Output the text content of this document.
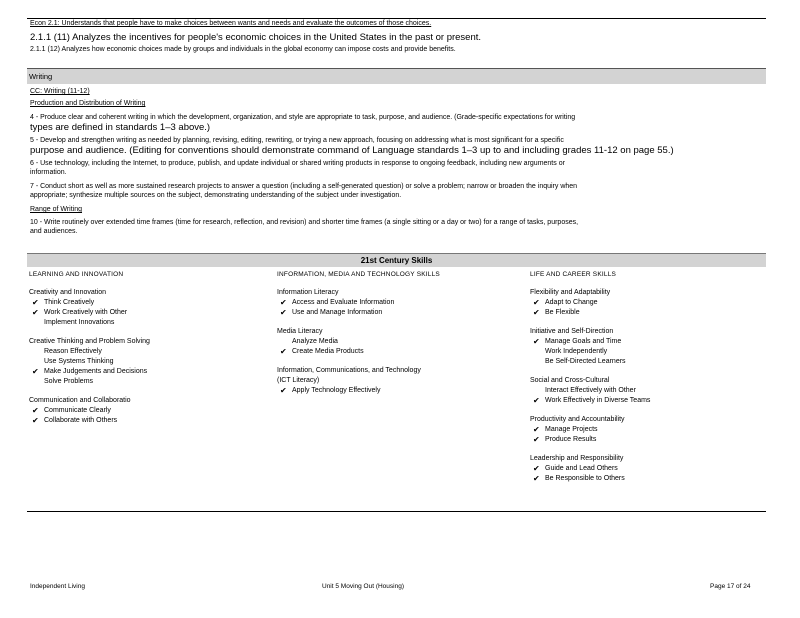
Econ 2.1: Understands that people have to make choices between wants and needs and evaluate the outcomes of those choices.
2.1.1 (11) Analyzes the incentives for people's economic choices in the United States in the past or present.
2.1.1 (12) Analyzes how economic choices made by groups and individuals in the global economy can impose costs and provide benefits.
Writing
CC: Writing (11-12)
Production and Distribution of Writing
4 - Produce clear and coherent writing in which the development, organization, and style are appropriate to task, purpose, and audience. (Grade-specific expectations for writing
types are defined in standards 1–3 above.)
5 - Develop and strengthen writing as needed by planning, revising, editing, rewriting, or trying a new approach, focusing on addressing what is most significant for a specific
purpose and audience. (Editing for conventions should demonstrate command of Language standards 1–3 up to and including grades 11-12 on page 55.)
6 - Use technology, including the Internet, to produce, publish, and update individual or shared writing products in response to ongoing feedback, including new arguments or
information.
7 - Conduct short as well as more sustained research projects to answer a question (including a self-generated question) or solve a problem; narrow or broaden the inquiry when
appropriate; synthesize multiple sources on the subject, demonstrating understanding of the subject under investigation.
Range of Writing
10 - Write routinely over extended time frames (time for research, reflection, and revision) and shorter time frames (a single sitting or a day or two) for a range of tasks, purposes,
and audiences.
21st Century Skills
LEARNING AND INNOVATION
Creativity and Innovation
✔ Think Creatively
✔ Work Creatively with Other
Implement Innovations
Creative Thinking and Problem Solving
Reason Effectively
Use Systems Thinking
✔ Make Judgements and Decisions
Solve Problems
Communication and Collaboratio
✔ Communicate Clearly
✔ Collaborate with Others
INFORMATION, MEDIA AND TECHNOLOGY SKILLS
Information Literacy
✔ Access and Evaluate Information
✔ Use and Manage Information
Media Literacy
Analyze Media
✔ Create Media Products
Information, Communications, and Technology
(ICT Literacy)
✔ Apply Technology Effectively
LIFE AND CAREER SKILLS
Flexibility and Adaptability
✔ Adapt to Change
✔ Be Flexible
Initiative and Self-Direction
✔ Manage Goals and Time
Work Independently
Be Self-Directed Learners
Social and Cross-Cultural
Interact Effectively with Other
✔ Work Effectively in Diverse Teams
Productivity and Accountability
✔ Manage Projects
✔ Produce Results
Leadership and Responsibility
✔ Guide and Lead Others
✔ Be Responsible to Others
Independent Living	Unit 5 Moving Out (Housing)	Page 17 of 24
